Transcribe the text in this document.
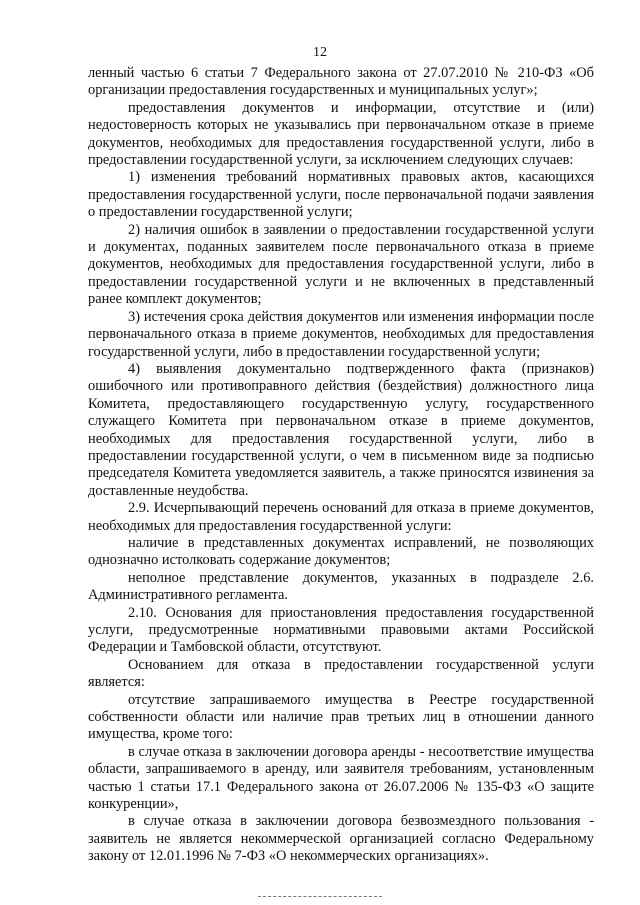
12

ленный частью 6 статьи 7 Федерального закона от 27.07.2010 № 210-ФЗ «Об организации предоставления государственных и муниципальных услуг»;

предоставления документов и информации, отсутствие и (или) недостоверность которых не указывались при первоначальном отказе в приеме документов, необходимых для предоставления государственной услуги, либо в предоставлении государственной услуги, за исключением следующих случаев:

1) изменения требований нормативных правовых актов, касающихся предоставления государственной услуги, после первоначальной подачи заявления о предоставлении государственной услуги;

2) наличия ошибок в заявлении о предоставлении государственной услуги и документах, поданных заявителем после первоначального отказа в приеме документов, необходимых для предоставления государственной услуги, либо в предоставлении государственной услуги и не включенных в представленный ранее комплект документов;

3) истечения срока действия документов или изменения информации после первоначального отказа в приеме документов, необходимых для предоставления государственной услуги, либо в предоставлении государственной услуги;

4) выявления документально подтвержденного факта (признаков) ошибочного или противоправного действия (бездействия) должностного лица Комитета, предоставляющего государственную услугу, государственного служащего Комитета при первоначальном отказе в приеме документов, необходимых для предоставления государственной услуги, либо в предоставлении государственной услуги, о чем в письменном виде за подписью председателя Комитета уведомляется заявитель, а также приносятся извинения за доставленные неудобства.

2.9. Исчерпывающий перечень оснований для отказа в приеме документов, необходимых для предоставления государственной услуги:

наличие в представленных документах исправлений, не позволяющих однозначно истолковать содержание документов;

неполное представление документов, указанных в подразделе 2.6. Административного регламента.

2.10. Основания для приостановления предоставления государственной услуги, предусмотренные нормативными правовыми актами Российской Федерации и Тамбовской области, отсутствуют.

Основанием для отказа в предоставлении государственной услуги является:

отсутствие запрашиваемого имущества в Реестре государственной собственности области или наличие прав третьих лиц в отношении данного имущества, кроме того:

в случае отказа в заключении договора аренды - несоответствие имущества области, запрашиваемого в аренду, или заявителя требованиям, установленным частью 1 статьи 17.1 Федерального закона от 26.07.2006 № 135-ФЗ «О защите конкуренции»,

в случае отказа в заключении договора безвозмездного пользования - заявитель не является некоммерческой организацией согласно Федеральному закону от 12.01.1996 № 7-ФЗ «О некоммерческих организациях».
